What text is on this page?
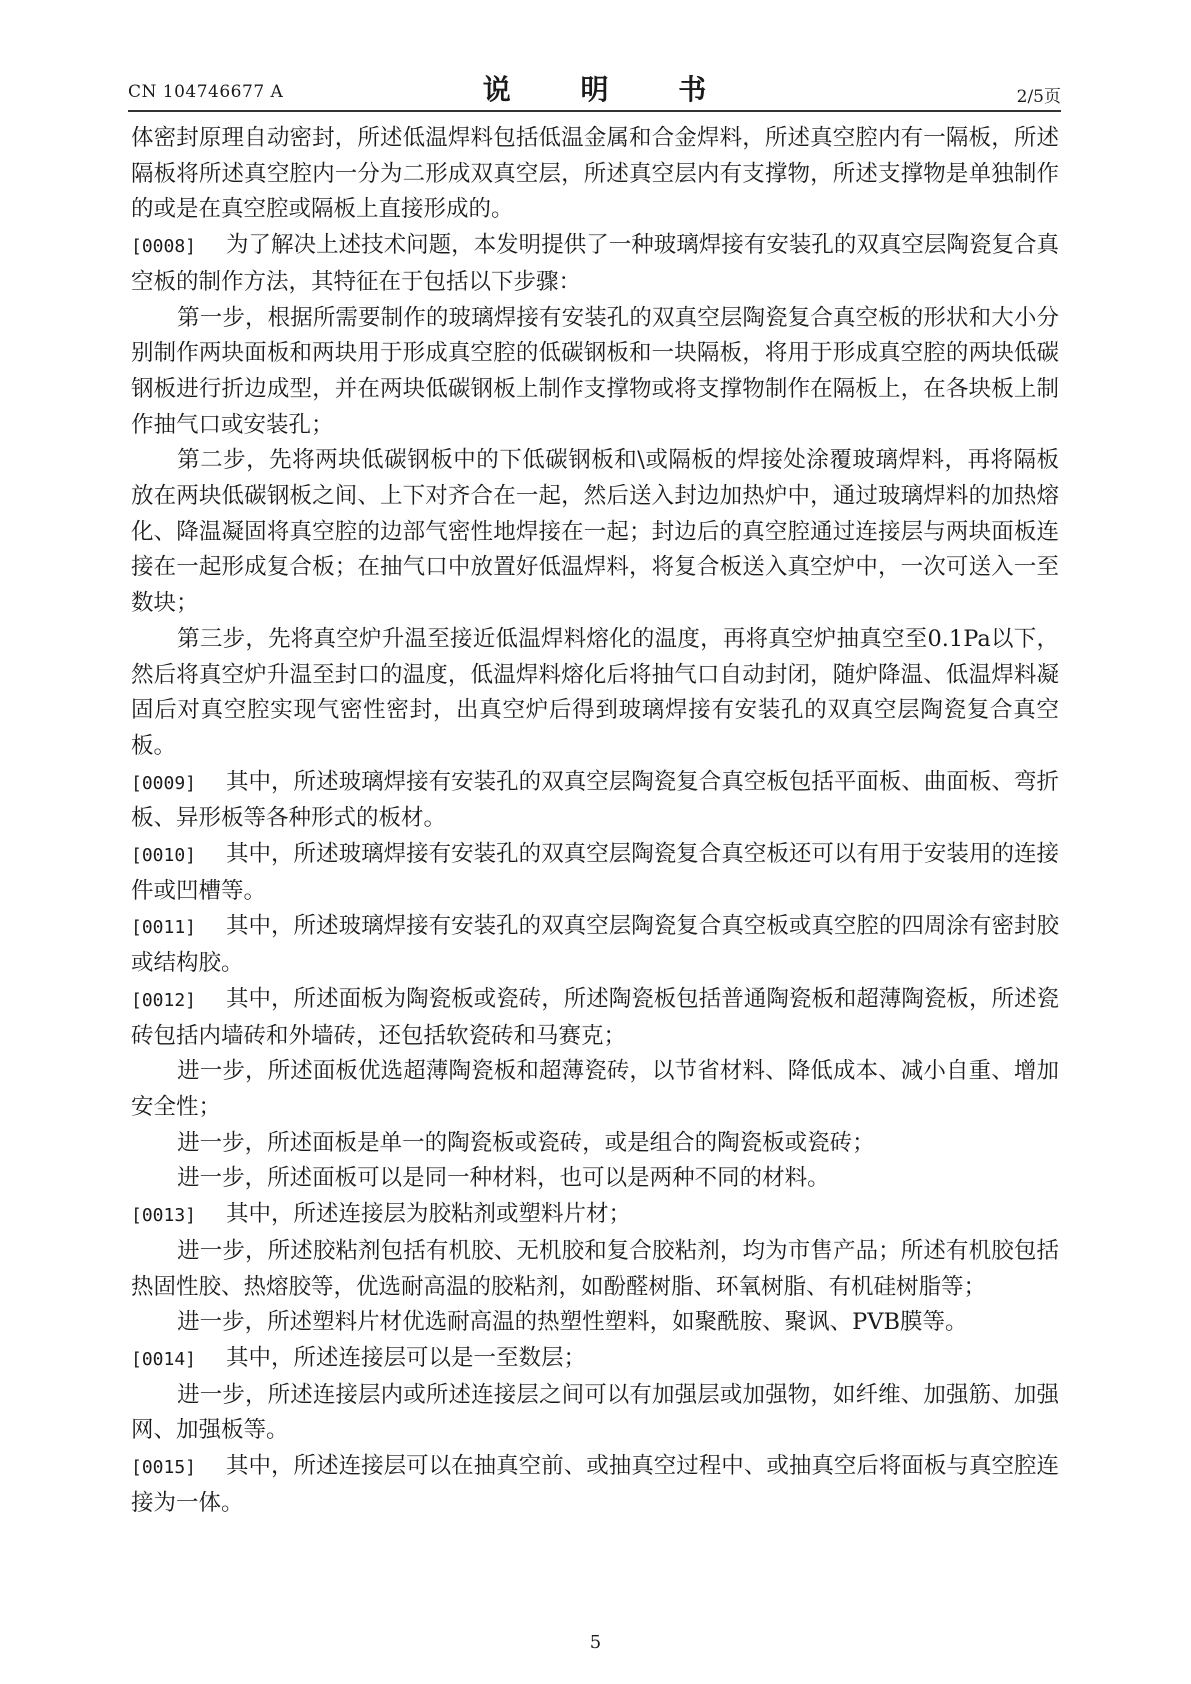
CN 104746677 A	说 明 书	2/5页

体密封原理自动密封，所述低温焊料包括低温金属和合金焊料，所述真空腔内有一隔板，所述隔板将所述真空腔内一分为二形成双真空层，所述真空层内有支撑物，所述支撑物是单独制作的或是在真空腔或隔板上直接形成的。

[0008] 为了解决上述技术问题，本发明提供了一种玻璃焊接有安装孔的双真空层陶瓷复合真空板的制作方法，其特征在于包括以下步骤：

第一步，根据所需要制作的玻璃焊接有安装孔的双真空层陶瓷复合真空板的形状和大小分别制作两块面板和两块用于形成真空腔的低碳钢板和一块隔板，将用于形成真空腔的两块低碳钢板进行折边成型，并在两块低碳钢板上制作支撑物或将支撑物制作在隔板上，在各块板上制作抽气口或安装孔；

第二步，先将两块低碳钢板中的下低碳钢板和\或隔板的焊接处涂覆玻璃焊料，再将隔板放在两块低碳钢板之间、上下对齐合在一起，然后送入封边加热炉中，通过玻璃焊料的加热熔化、降温凝固将真空腔的边部气密性地焊接在一起；封边后的真空腔通过连接层与两块面板连接在一起形成复合板；在抽气口中放置好低温焊料，将复合板送入真空炉中，一次可送入一至数块；

第三步，先将真空炉升温至接近低温焊料熔化的温度，再将真空炉抽真空至0.1Pa以下，然后将真空炉升温至封口的温度，低温焊料熔化后将抽气口自动封闭，随炉降温、低温焊料凝固后对真空腔实现气密性密封，出真空炉后得到玻璃焊接有安装孔的双真空层陶瓷复合真空板。

[0009] 其中，所述玻璃焊接有安装孔的双真空层陶瓷复合真空板包括平面板、曲面板、弯折板、异形板等各种形式的板材。

[0010] 其中，所述玻璃焊接有安装孔的双真空层陶瓷复合真空板还可以有用于安装用的连接件或凹槽等。

[0011] 其中，所述玻璃焊接有安装孔的双真空层陶瓷复合真空板或真空腔的四周涂有密封胶或结构胶。

[0012] 其中，所述面板为陶瓷板或瓷砖，所述陶瓷板包括普通陶瓷板和超薄陶瓷板，所述瓷砖包括内墙砖和外墙砖，还包括软瓷砖和马赛克；

进一步，所述面板优选超薄陶瓷板和超薄瓷砖，以节省材料、降低成本、减小自重、增加安全性；

进一步，所述面板是单一的陶瓷板或瓷砖，或是组合的陶瓷板或瓷砖；

进一步，所述面板可以是同一种材料，也可以是两种不同的材料。

[0013] 其中，所述连接层为胶粘剂或塑料片材；

进一步，所述胶粘剂包括有机胶、无机胶和复合胶粘剂，均为市售产品；所述有机胶包括热固性胶、热熔胶等，优选耐高温的胶粘剂，如酚醛树脂、环氧树脂、有机硅树脂等；

进一步，所述塑料片材优选耐高温的热塑性塑料，如聚酰胺、聚讽、PVB膜等。

[0014] 其中，所述连接层可以是一至数层；

进一步，所述连接层内或所述连接层之间可以有加强层或加强物，如纤维、加强筋、加强网、加强板等。

[0015] 其中，所述连接层可以在抽真空前、或抽真空过程中、或抽真空后将面板与真空腔连接为一体。

5
